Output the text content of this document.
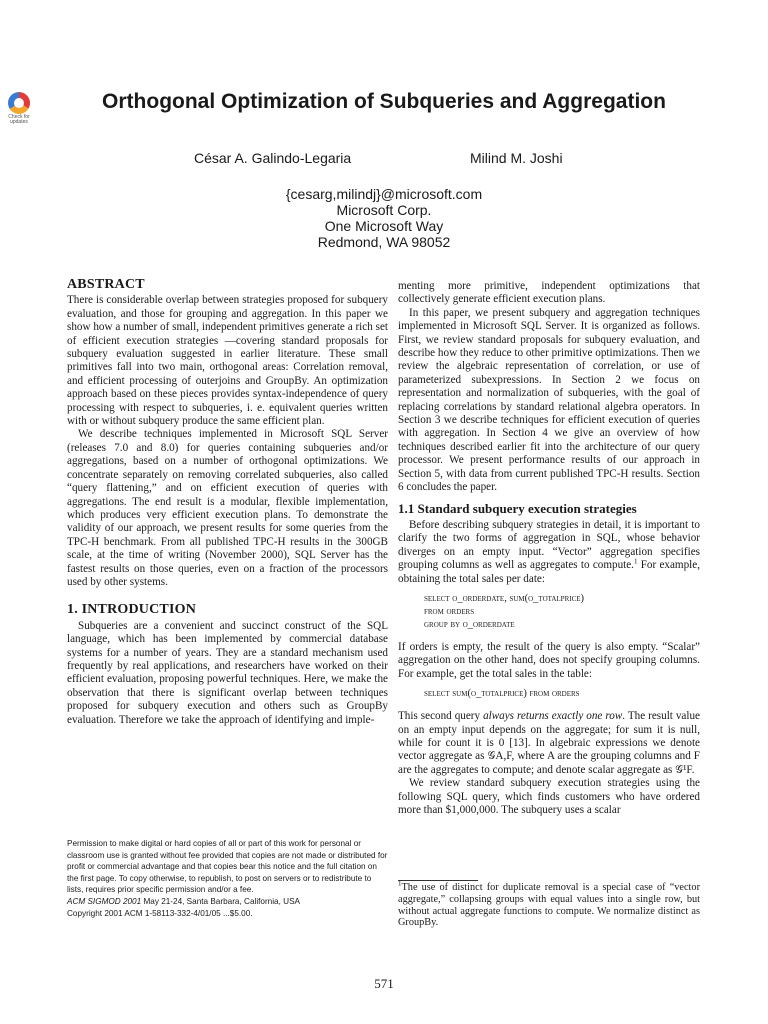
Check for updates
Orthogonal Optimization of Subqueries and Aggregation
César A. Galindo-Legaria	Milind M. Joshi
{cesarg,milindj}@microsoft.com
Microsoft Corp.
One Microsoft Way
Redmond, WA 98052
ABSTRACT

There is considerable overlap between strategies proposed for subquery evaluation, and those for grouping and aggregation. In this paper we show how a number of small, independent primitives generate a rich set of efficient execution strategies —covering standard proposals for subquery evaluation suggested in earlier literature. These small primitives fall into two main, orthogonal areas: Correlation removal, and efficient processing of outerjoins and GroupBy. An optimization approach based on these pieces provides syntax-independence of query processing with respect to subqueries, i. e. equivalent queries written with or without subquery produce the same efficient plan.

We describe techniques implemented in Microsoft SQL Server (releases 7.0 and 8.0) for queries containing subqueries and/or aggregations, based on a number of orthogonal optimizations. We concentrate separately on removing correlated subqueries, also called “query flattening,” and on efficient execution of queries with aggregations. The end result is a modular, flexible implementation, which produces very efficient execution plans. To demonstrate the validity of our approach, we present results for some queries from the TPC-H benchmark. From all published TPC-H results in the 300GB scale, at the time of writing (November 2000), SQL Server has the fastest results on those queries, even on a fraction of the processors used by other systems.

1. INTRODUCTION

Subqueries are a convenient and succinct construct of the SQL language, which has been implemented by commercial database systems for a number of years. They are a standard mechanism used frequently by real applications, and researchers have worked on their efficient evaluation, proposing powerful techniques. Here, we make the observation that there is significant overlap between techniques proposed for subquery execution and others such as GroupBy evaluation. Therefore we take the approach of identifying and imple-

Permission to make digital or hard copies of all or part of this work for personal or classroom use is granted without fee provided that copies are not made or distributed for profit or commercial advantage and that copies bear this notice and the full citation on the first page. To copy otherwise, to republish, to post on servers or to redistribute to lists, requires prior specific permission and/or a fee.
ACM SIGMOD 2001 May 21-24, Santa Barbara, California, USA
Copyright 2001 ACM 1-58113-332-4/01/05 ...$5.00.

menting more primitive, independent optimizations that collectively generate efficient execution plans.

In this paper, we present subquery and aggregation techniques implemented in Microsoft SQL Server. It is organized as follows. First, we review standard proposals for subquery evaluation, and describe how they reduce to other primitive optimizations. Then we review the algebraic representation of correlation, or use of parameterized subexpressions. In Section 2 we focus on representation and normalization of subqueries, with the goal of replacing correlations by standard relational algebra operators. In Section 3 we describe techniques for efficient execution of queries with aggregation. In Section 4 we give an overview of how techniques described earlier fit into the architecture of our query processor. We present performance results of our approach in Section 5, with data from current published TPC-H results. Section 6 concludes the paper.

1.1 Standard subquery execution strategies

Before describing subquery strategies in detail, it is important to clarify the two forms of aggregation in SQL, whose behavior diverges on an empty input. “Vector” aggregation specifies grouping columns as well as aggregates to compute.$^1$ For example, obtaining the total sales per date:

select o_orderdate, sum(o_totalprice)
from orders
group by o_orderdate

If orders is empty, the result of the query is also empty. “Scalar” aggregation on the other hand, does not specify grouping columns. For example, get the total sales in the table:

select sum(o_totalprice) from orders

This second query always returns exactly one row. The result value on an empty input depends on the aggregate; for sum it is null, while for count it is 0 [13]. In algebraic expressions we denote vector aggregate as 𝒢A,F, where A are the grouping columns and F are the aggregates to compute; and denote scalar aggregate as 𝒢¹F.

We review standard subquery execution strategies using the following SQL query, which finds customers who have ordered more than $1,000,000. The subquery uses a scalar

$^1$The use of distinct for duplicate removal is a special case of “vector aggregate,” collapsing groups with equal values into a single row, but without actual aggregate functions to compute. We normalize distinct as GroupBy.
571
